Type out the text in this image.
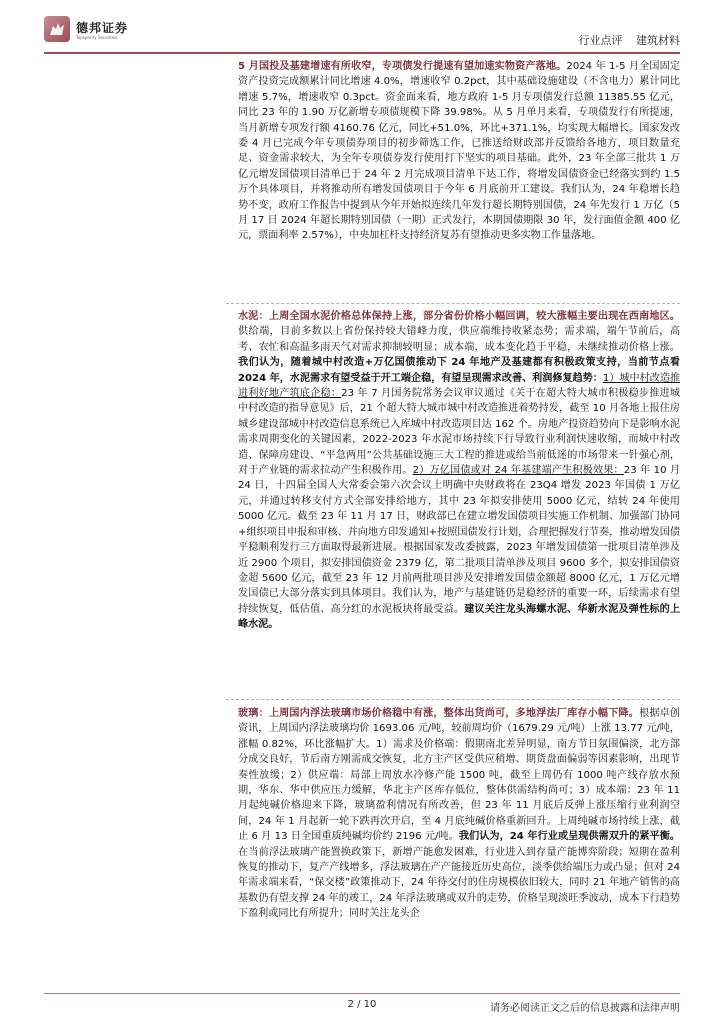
德邦证券
Topsperity Securities	行业点评 建筑材料

5 月国投及基建增速有所收窄，专项债发行提速有望加速实物资产落地。2024 年 1-5 月全国固定资产投资完成额累计同比增速 4.0%，增速收窄 0.2pct，其中基础设施建设（不含电力）累计同比增速 5.7%，增速收窄 0.3pct。资金面来看，地方政府 1-5 月专项债发行总额 11385.55 亿元，同比 23 年的 1.90 万亿新增专项债规模下降 39.98%。从 5 月单月来看，专项债发行有所提速，当月新增专项发行额 4160.76 亿元，同比+51.0%，环比+371.1%，均实现大幅增长。国家发改委 4 月已完成今年专项债券项目的初步筛选工作，已推送给财政部并反馈给各地方，项目数量充足、资金需求较大，为全年专项债券发行使用打下坚实的项目基础。此外，23 年全部三批共 1 万亿元增发国债项目清单已于 24 年 2 月完成项目清单下达工作，将增发国债资金已经落实到约 1.5 万个具体项目，并将推动所有增发国债项目于今年 6 月底前开工建设。我们认为，24 年稳增长趋势不变，政府工作报告中提到从今年开始拟连续几年发行超长期特别国债，24 年先发行 1 万亿（5 月 17 日 2024 年超长期特别国债（一期）正式发行，本期国债期限 30 年，发行面值金额 400 亿元，票面利率 2.57%），中央加杠杆支持经济复苏有望推动更多实物工作量落地。

水泥：上周全国水泥价格总体保持上涨，部分省份价格小幅回调，较大涨幅主要出现在西南地区。供给端，目前多数以上省份保持较大错峰力度，供应端维持收紧态势；需求端，端午节前后，高考、农忙和高温多雨天气对需求抑制较明显；成本端，成本变化趋于平稳，未继续推动价格上涨。我们认为，随着城中村改造+万亿国债推动下 24 年地产及基建都有积极政策支持，当前节点看 2024 年，水泥需求有望受益于开工端企稳，有望呈现需求改善、利润修复趋势：1）城中村改造推进利好地产筑底企稳：23 年 7 月国务院常务会议审议通过《关于在超大特大城市积极稳步推进城中村改造的指导意见》后，21 个超大特大城市城中村改造推进着势持发，截至 10 月各地上报住房城乡建设部城中村改造信息系统已入库城中村改造项目达 162 个。房地产投资趋势向下是影响水泥需求周期变化的关键因素，2022-2023 年水泥市场持续下行导致行业利润快速收缩，而城中村改造、保障房建设、“平急两用”公共基础设施三大工程的推进或给当前低迷的市场带来一针强心剂，对于产业链的需求拉动产生积极作用。2）万亿国债或对 24 年基建端产生积极效果：23 年 10 月 24 日，十四届全国人大常委会第六次会议上明确中央财政将在 23Q4 增发 2023 年国债 1 万亿元，并通过转移支付方式全部安排给地方，其中 23 年拟安排使用 5000 亿元，结转 24 年使用 5000 亿元。截至 23 年 11 月 17 日，财政部已在建立增发国债项目实施工作机制、加强部门协同+组织项目申报和审核、并向地方印发通知+按照国债发行计划，合理把握发行节奏，推动增发国债平稳顺利发行三方面取得最新进展。根据国家发改委披露，2023 年增发国债第一批项目清单涉及近 2900 个项目，拟安排国债资金 2379 亿，第二批项目清单涉及项目 9600 多个，拟安排国债资金超 5600 亿元，截至 23 年 12 月前两批项目涉及安排增发国债金额超 8000 亿元，1 万亿元增发国债已大部分落实到具体项目。我们认为，地产与基建链仍是稳经济的重要一环，后续需求有望持续恢复，低估值、高分红的水泥板块将最受益。建议关注龙头海螺水泥、华新水泥及弹性标的上峰水泥。

玻璃：上周国内浮法玻璃市场价格稳中有涨，整体出货尚可，多地浮法厂库存小幅下降。根据卓创资讯，上周国内浮法玻璃均价 1693.06 元/吨，较前周均价（1679.29 元/吨）上涨 13.77 元/吨，涨幅 0.82%，环比涨幅扩大。1）需求及价格端：假期南北差异明显，南方节日氛围偏淡，北方部分成交良好，节后南方刚需成交恢复，北方主产区受供应稍增、期货盘面偏弱等因素影响，出现节奏性放缓；2）供应端：局部上周放水冷修产能 1500 吨，截至上周仍有 1000 吨产线存放水预期，华东、华中供应压力缓解，华北主产区库存低位，整体供需结构尚可；3）成本端：23 年 11 月起纯碱价格迎来下降，玻璃盈利情况有所改善，但 23 年 11 月底后反弹上涨压缩行业利润空间，24 年 1 月起新一轮下跌再次开启，至 4 月底纯碱价格重新回升。上周纯碱市场持续上涨，截止 6 月 13 日全国重质纯碱均价约 2196 元/吨。我们认为，24 年行业或呈现供需双升的紧平衡。在当前浮法玻璃产能置换政策下，新增产能愈发困难，行业进入到存量产能博弈阶段；短期在盈利恢复的推动下，复产产线增多，浮法玻璃在产产能接近历史高位，淡季供给端压力或凸显；但对 24 年需求端来看，“保交楼”政策推动下，24 年待交付的住房规模依旧较大，同时 21 年地产销售的高基数仍有望支撑 24 年的竣工，24 年浮法玻璃或双升的走势，价格呈现淡旺季波动，成本下行趋势下盈利或同比有所提升；同时关注龙头企

2 / 10	请务必阅读正文之后的信息披露和法律声明
